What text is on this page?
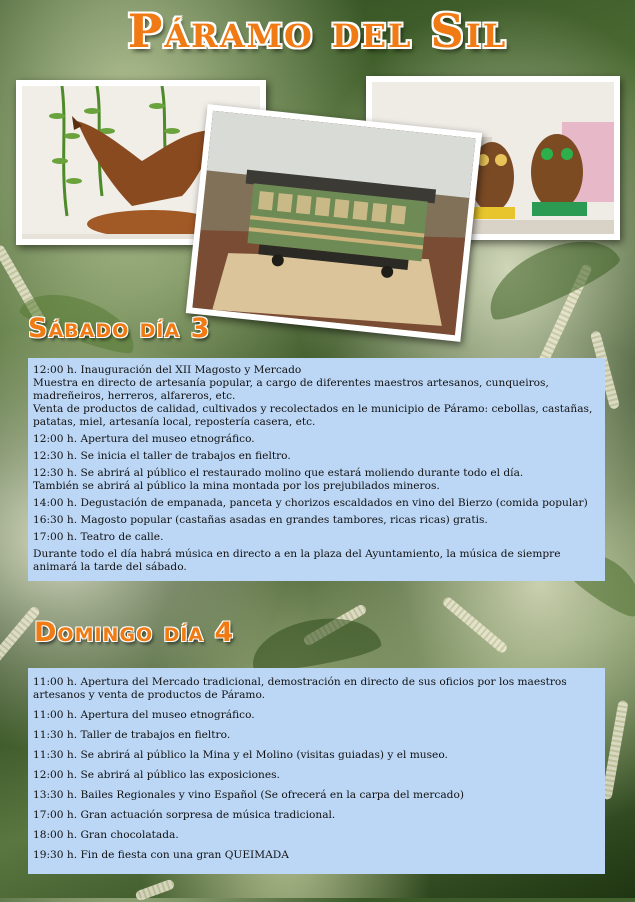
Páramo del Sil
Sábado día 3

12:00 h. Inauguración del XII Magosto y Mercado

Muestra en directo de artesanía popular, a cargo de diferentes maestros artesanos, cunqueiros, madreñeiros, herreros, alfareros, etc.

Venta de productos de calidad, cultivados y recolectados en le municipio de Páramo: cebollas, castañas, patatas, miel, artesanía local, repostería casera, etc.

12:00 h. Apertura del museo etnográfico.

12:30 h. Se inicia el taller de trabajos en fieltro.

12:30 h. Se abrirá al público el restaurado molino que estará moliendo durante todo el día.

También se abrirá al público la mina montada por los prejubilados mineros.

14:00 h. Degustación de empanada, panceta y chorizos escaldados en vino del Bierzo (comida popular)

16:30 h. Magosto popular (castañas asadas en grandes tambores, ricas ricas) gratis.

17:00 h. Teatro de calle.

Durante todo el día habrá música en directo a en la plaza del Ayuntamiento, la música de siempre animará la tarde del sábado.

Domingo día 4

11:00 h. Apertura del Mercado tradicional, demostración en directo de sus oficios por los maestros artesanos y venta de productos de Páramo.

11:00 h. Apertura del museo etnográfico.

11:30 h. Taller de trabajos en fieltro.

11:30 h. Se abrirá al público la Mina y el Molino (visitas guiadas) y el museo.

12:00 h. Se abrirá al público las exposiciones.

13:30 h. Bailes Regionales y vino Español (Se ofrecerá en la carpa del mercado)

17:00 h. Gran actuación sorpresa de música tradicional.

18:00 h. Gran chocolatada.

19:30 h. Fin de fiesta con una gran QUEIMADA
